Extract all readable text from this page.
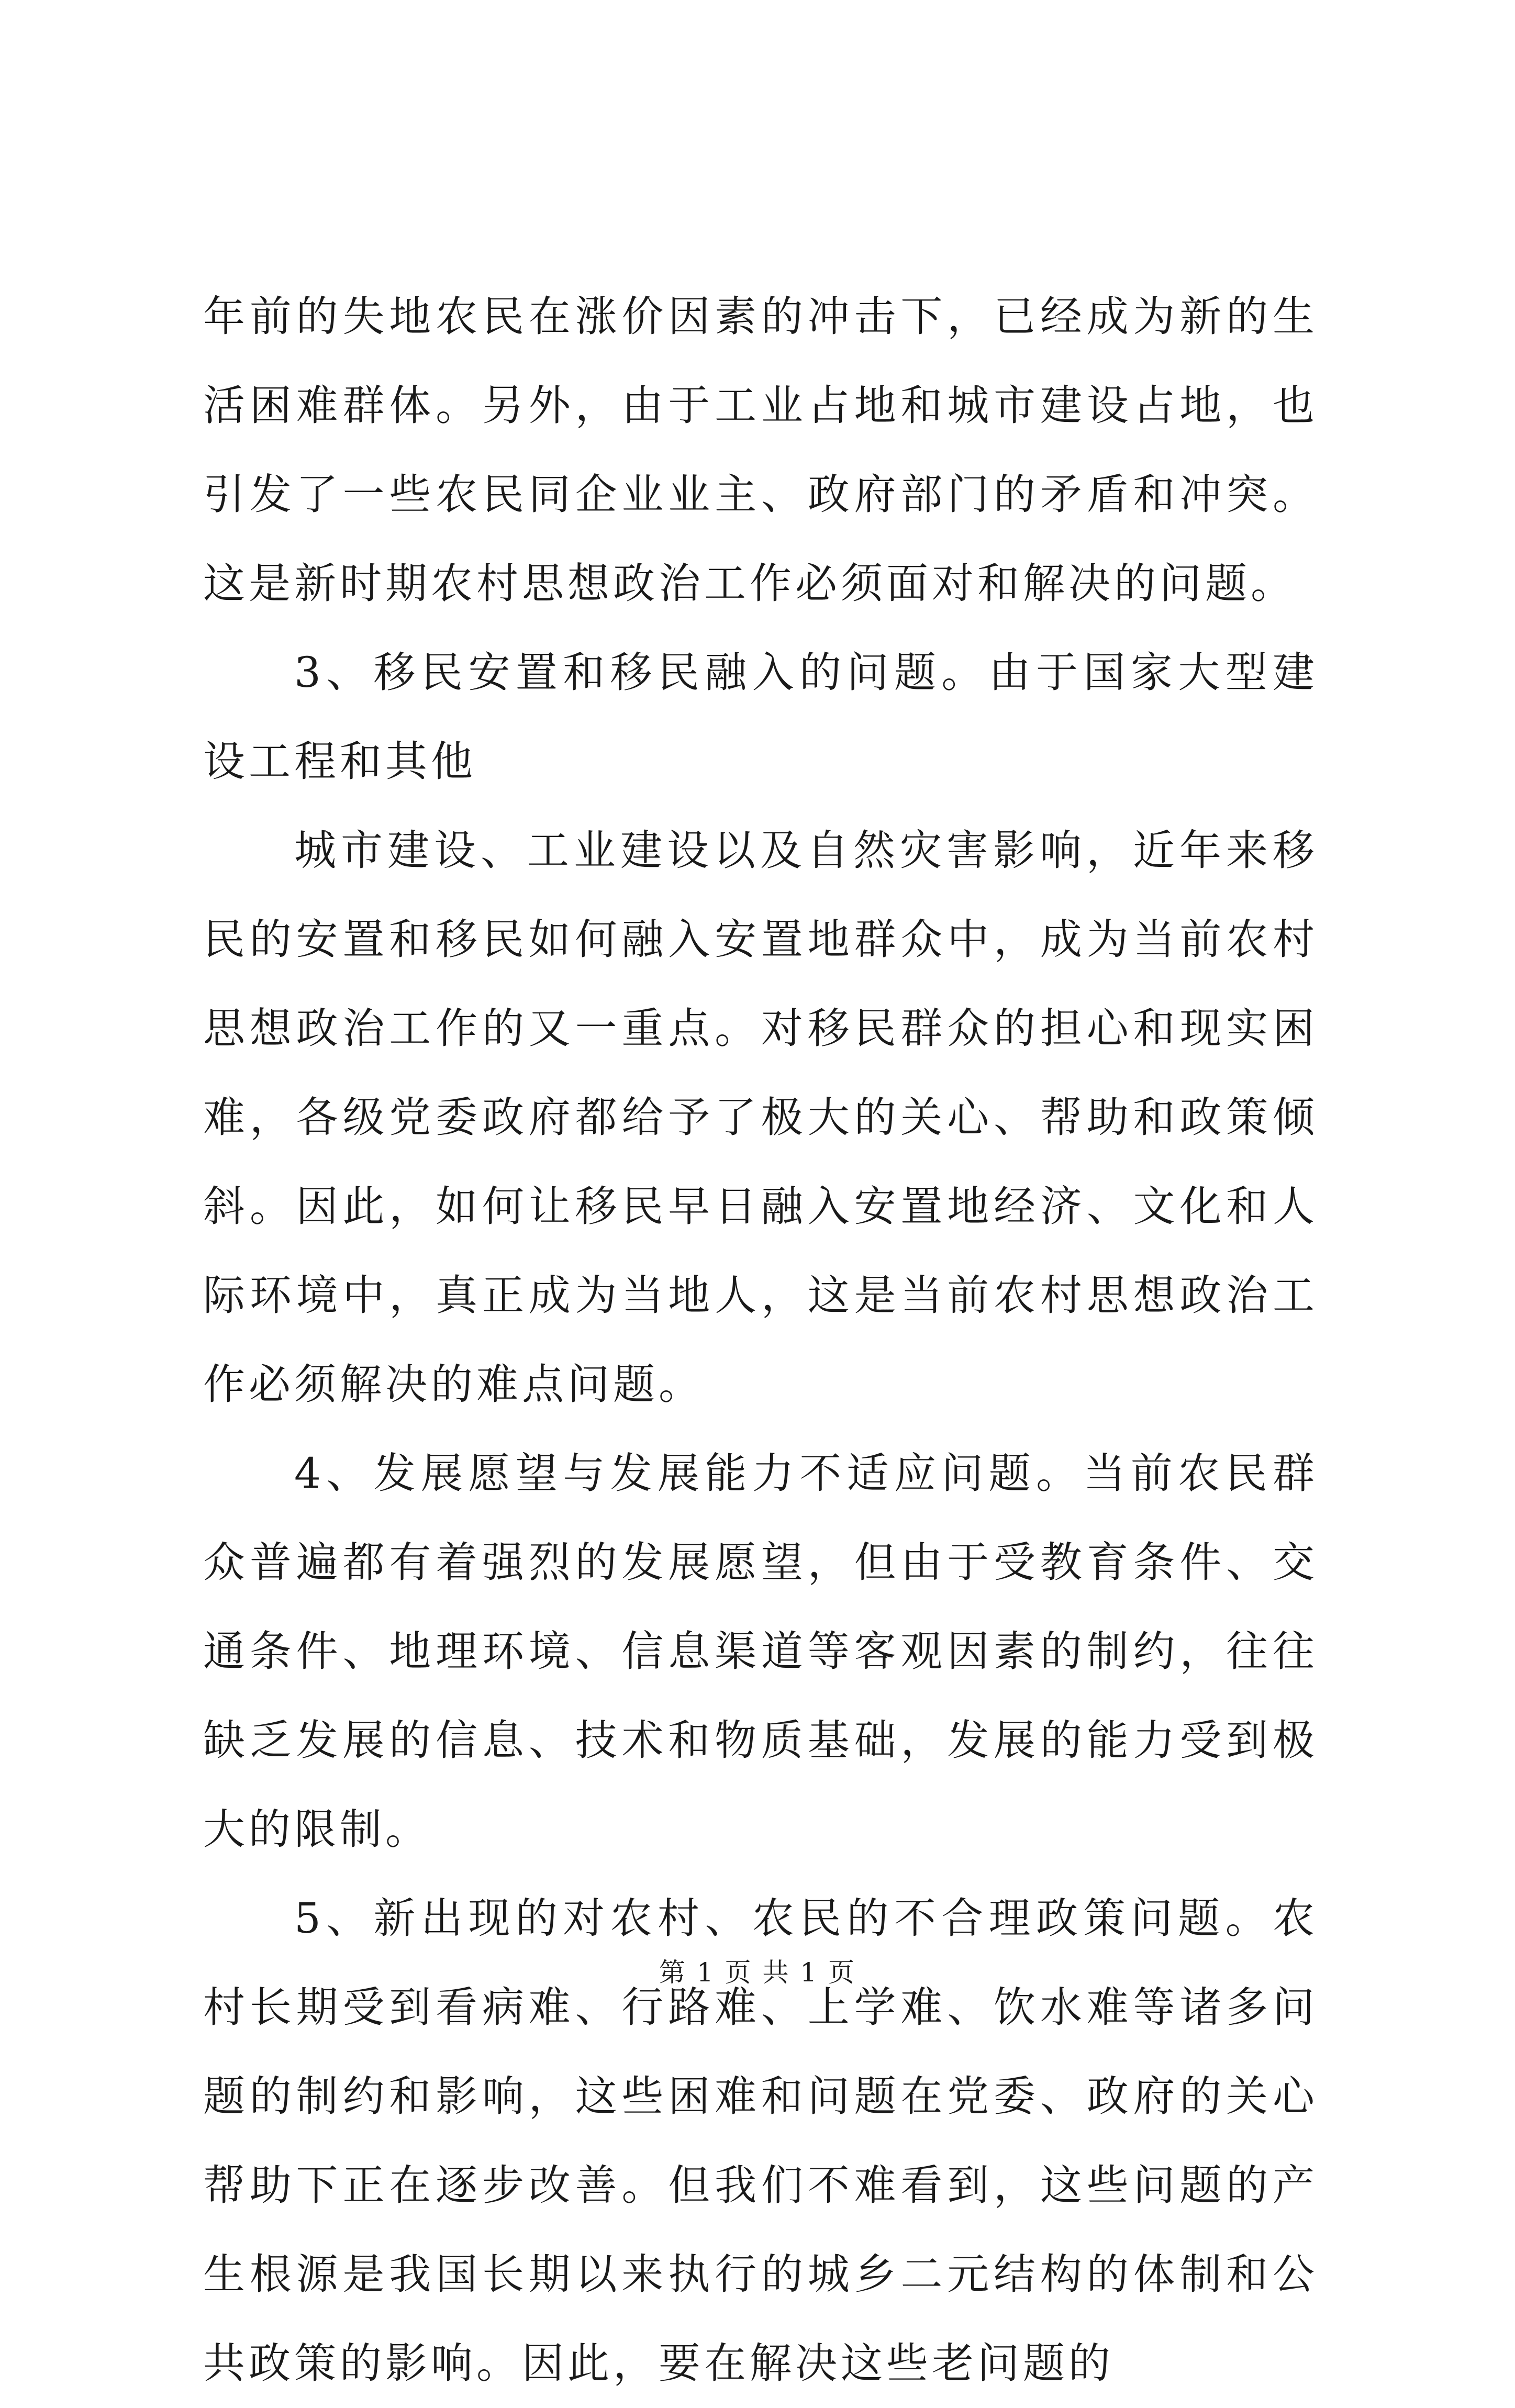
年前的失地农民在涨价因素的冲击下，已经成为新的生活困难群体。另外，由于工业占地和城市建设占地，也引发了一些农民同企业业主、政府部门的矛盾和冲突。这是新时期农村思想政治工作必须面对和解决的问题。

3、移民安置和移民融入的问题。由于国家大型建设工程和其他

城市建设、工业建设以及自然灾害影响，近年来移民的安置和移民如何融入安置地群众中，成为当前农村思想政治工作的又一重点。对移民群众的担心和现实困难，各级党委政府都给予了极大的关心、帮助和政策倾斜。因此，如何让移民早日融入安置地经济、文化和人际环境中，真正成为当地人，这是当前农村思想政治工作必须解决的难点问题。

4、发展愿望与发展能力不适应问题。当前农民群众普遍都有着强烈的发展愿望，但由于受教育条件、交通条件、地理环境、信息渠道等客观因素的制约，往往缺乏发展的信息、技术和物质基础，发展的能力受到极大的限制。

5、新出现的对农村、农民的不合理政策问题。农村长期受到看病难、行路难、上学难、饮水难等诸多问题的制约和影响，这些困难和问题在党委、政府的关心帮助下正在逐步改善。但我们不难看到，这些问题的产生根源是我国长期以来执行的城乡二元结构的体制和公共政策的影响。因此，要在解决这些老问题的

第 1 页 共 1 页
